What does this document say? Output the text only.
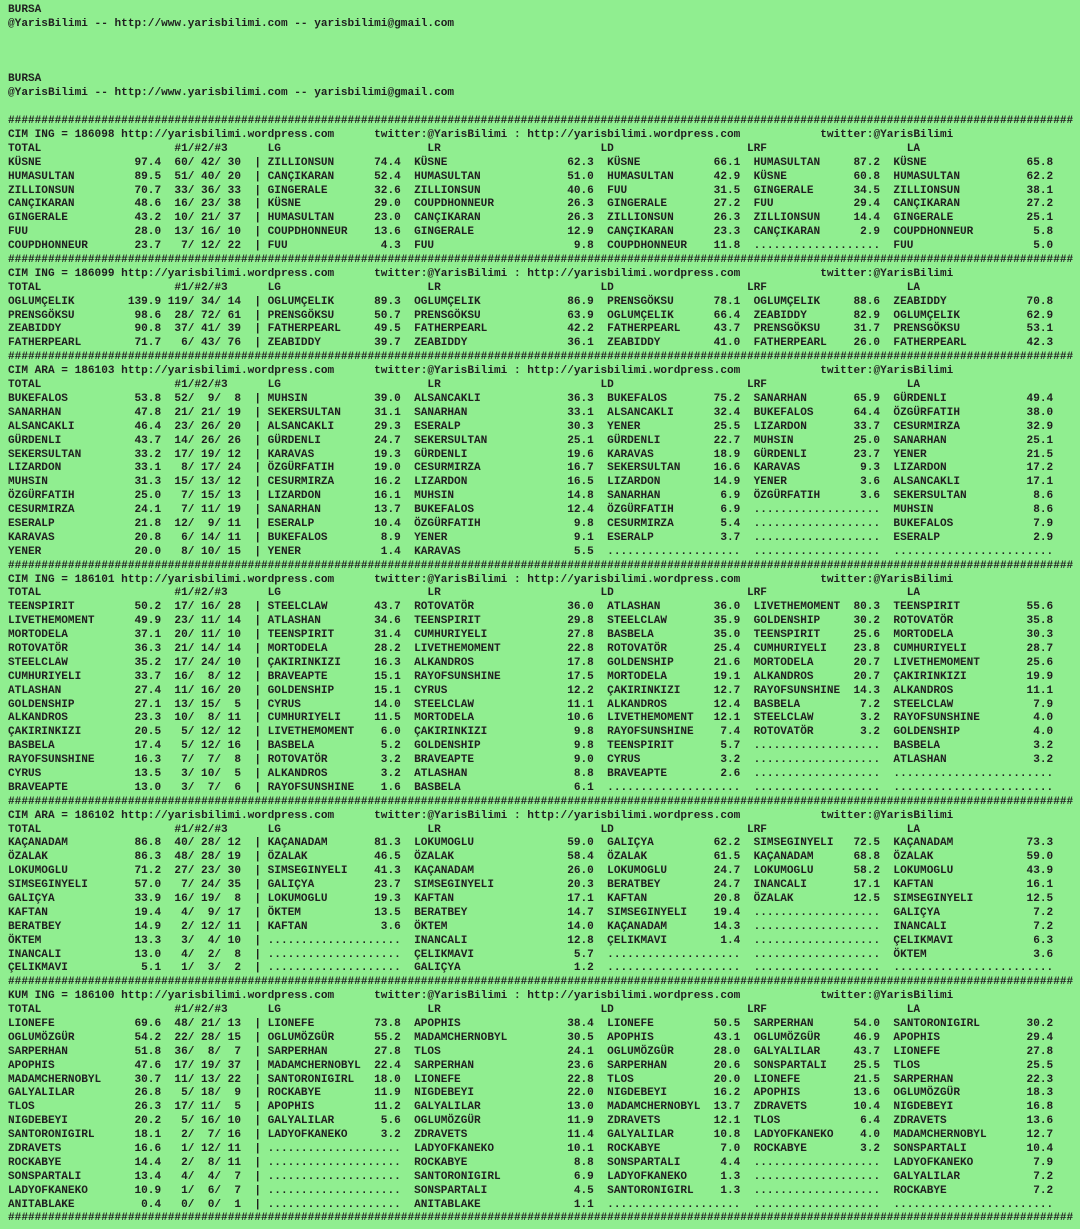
BURSA
@YarisBilimi -- http://www.yarisbilimi.com -- yarisbilimi@gmail.com
BURSA
@YarisBilimi -- http://www.yarisbilimi.com -- yarisbilimi@gmail.com
################################################################################################################################################################
CIM ING = 186098 http://yarisbilimi.wordpress.com	twitter:@YarisBilimi : http://yarisbilimi.wordpress.com	twitter:@YarisBilimi
TOTAL	#1/#2/#3	LG	LR	LD	LRF	LA
KÜSNE	97.4 60/ 42/ 30 | ZILLIONSUN	74.4 KÜSNE	62.3 KÜSNE	66.1 HUMASULTAN	87.2 KÜSNE	65.8
HUMASULTAN	89.5 51/ 40/ 20 | CANÇIKARAN	52.4 HUMASULTAN	51.0 HUMASULTAN	42.9 KÜSNE	60.8 HUMASULTAN	62.2
ZILLIONSUN	70.7 33/ 36/ 33 | GINGERALE	32.6 ZILLIONSUN	40.6 FUU	31.5 GINGERALE	34.5 ZILLIONSUN	38.1
CANÇIKARAN	48.6 16/ 23/ 38 | KÜSNE	29.0 COUPDHONNEUR	26.3 GINGERALE	27.2 FUU	29.4 CANÇIKARAN	27.2
GINGERALE	43.2 10/ 21/ 37 | HUMASULTAN	23.0 CANÇIKARAN	26.3 ZILLIONSUN	26.3 ZILLIONSUN	14.4 GINGERALE	25.1
FUU	28.0 13/ 16/ 10 | COUPDHONNEUR	13.6 GINGERALE	12.9 CANÇIKARAN	23.3 CANÇIKARAN	2.9 COUPDHONNEUR	5.8
COUPDHONNEUR	23.7 7/ 12/ 22 | FUU	4.3 FUU	9.8 COUPDHONNEUR	11.8 ................... FUU	5.0
################################################################################################################################################################
CIM ING = 186099 http://yarisbilimi.wordpress.com	twitter:@YarisBilimi : http://yarisbilimi.wordpress.com	twitter:@YarisBilimi
TOTAL	#1/#2/#3	LG	LR	LD	LRF	LA
OGLUMÇELIK	139.9 119/ 34/ 14 | OGLUMÇELIK	89.3 OGLUMÇELIK	86.9 PRENSGÖKSU	78.1 OGLUMÇELIK	88.6 ZEABIDDY	70.8
PRENSGÖKSU	98.6 28/ 72/ 61 | PRENSGÖKSU	50.7 PRENSGÖKSU	63.9 OGLUMÇELIK	66.4 ZEABIDDY	82.9 OGLUMÇELIK	62.9
ZEABIDDY	90.8 37/ 41/ 39 | FATHERPEARL	49.5 FATHERPEARL	42.2 FATHERPEARL	43.7 PRENSGÖKSU	31.7 PRENSGÖKSU	53.1
FATHERPEARL	71.7 6/ 43/ 76 | ZEABIDDY	39.7 ZEABIDDY	36.1 ZEABIDDY	41.0 FATHERPEARL	26.0 FATHERPEARL	42.3
################################################################################################################################################################
CIM ARA = 186103 http://yarisbilimi.wordpress.com	twitter:@YarisBilimi : http://yarisbilimi.wordpress.com	twitter:@YarisBilimi
TOTAL	#1/#2/#3	LG	LR	LD	LRF	LA
BUKEFALOS	53.8 52/  9/  8 | MUHSIN	39.0 ALSANCAKLI	36.3 BUKEFALOS	75.2 SANARHAN	65.9 GÜRDENLI	49.4
SANARHAN	47.8 21/ 21/ 19 | SEKERSULTAN	31.1 SANARHAN	33.1 ALSANCAKLI	32.4 BUKEFALOS	64.4 ÖZGÜRFATIH	38.0
ALSANCAKLI	46.4 23/ 26/ 20 | ALSANCAKLI	29.3 ESERALP	30.3 YENER	25.5 LIZARDON	33.7 CESURMIRZA	32.9
GÜRDENLI	43.7 14/ 26/ 26 | GÜRDENLI	24.7 SEKERSULTAN	25.1 GÜRDENLI	22.7 MUHSIN	25.0 SANARHAN	25.1
SEKERSULTAN	33.2 17/ 19/ 12 | KARAVAS	19.3 GÜRDENLI	19.6 KARAVAS	18.9 GÜRDENLI	23.7 YENER	21.5
LIZARDON	33.1 8/ 17/ 24 | ÖZGÜRFATIH	19.0 CESURMIRZA	16.7 SEKERSULTAN	16.6 KARAVAS	9.3 LIZARDON	17.2
MUHSIN	31.3 15/ 13/ 12 | CESURMIRZA	16.2 LIZARDON	16.5 LIZARDON	14.9 YENER	3.6 ALSANCAKLI	17.1
ÖZGÜRFATIH	25.0 7/ 15/ 13 | LIZARDON	16.1 MUHSIN	14.8 SANARHAN	6.9 ÖZGÜRFATIH	3.6 SEKERSULTAN	8.6
CESURMIRZA	24.1 7/ 11/ 19 | SANARHAN	13.7 BUKEFALOS	12.4 ÖZGÜRFATIH	6.9 ................... MUHSIN	8.6
ESERALP	21.8 12/  9/ 11 | ESERALP	10.4 ÖZGÜRFATIH	9.8 CESURMIRZA	5.4 ................... BUKEFALOS	7.9
KARAVAS	20.8 6/ 14/ 11 | BUKEFALOS	8.9 YENER	9.1 ESERALP	3.7 ................... ESERALP	2.9
YENER	20.0 8/ 10/ 15 | YENER	1.4 KARAVAS	5.5 .................... ................... ........................
################################################################################################################################################################
CIM ING = 186101 http://yarisbilimi.wordpress.com	twitter:@YarisBilimi : http://yarisbilimi.wordpress.com	twitter:@YarisBilimi
TOTAL	#1/#2/#3	LG	LR	LD	LRF	LA
TEENSPIRIT	50.2 17/ 16/ 28 | STEELCLAW	43.7 ROTOVATÖR	36.0 ATLASHAN	36.0 LIVETHEMOMENT	80.3 TEENSPIRIT	55.6
LIVETHEMOMENT	49.9 23/ 11/ 14 | ATLASHAN	34.6 TEENSPIRIT	29.8 STEELCLAW	35.9 GOLDENSHIP	30.2 ROTOVATÖR	35.8
MORTODELA	37.1 20/ 11/ 10 | TEENSPIRIT	31.4 CUMHURIYELI	27.8 BASBELA	35.0 TEENSPIRIT	25.6 MORTODELA	30.3
ROTOVATÖR	36.3 21/ 14/ 14 | MORTODELA	28.2 LIVETHEMOMENT	22.8 ROTOVATÖR	25.4 CUMHURIYELI	23.8 CUMHURIYELI	28.7
STEELCLAW	35.2 17/ 24/ 10 | ÇAKIRINKIZI	16.3 ALKANDROS	17.8 GOLDENSHIP	21.6 MORTODELA	20.7 LIVETHEMOMENT	25.6
CUMHURIYELI	33.7 16/  8/ 12 | BRAVEAPTE	15.1 RAYOFSUNSHINE	17.5 MORTODELA	19.1 ALKANDROS	20.7 ÇAKIRINKIZI	19.9
ATLASHAN	27.4 11/ 16/ 20 | GOLDENSHIP	15.1 CYRUS	12.2 ÇAKIRINKIZI	12.7 RAYOFSUNSHINE	14.3 ALKANDROS	11.1
GOLDENSHIP	27.1 13/ 15/  5 | CYRUS	14.0 STEELCLAW	11.1 ALKANDROS	12.4 BASBELA	7.2 STEELCLAW	7.9
ALKANDROS	23.3 10/  8/ 11 | CUMHURIYELI	11.5 MORTODELA	10.6 LIVETHEMOMENT	12.1 STEELCLAW	3.2 RAYOFSUNSHINE	4.0
ÇAKIRINKIZI	20.5 5/ 12/ 12 | LIVETHEMOMENT	6.0 ÇAKIRINKIZI	9.8 RAYOFSUNSHINE	7.4 ROTOVATÖR	3.2 GOLDENSHIP	4.0
BASBELA	17.4 5/ 12/ 16 | BASBELA	5.2 GOLDENSHIP	9.8 TEENSPIRIT	5.7 ................... BASBELA	3.2
RAYOFSUNSHINE	16.3 7/  7/  8 | ROTOVATÖR	3.2 BRAVEAPTE	9.0 CYRUS	3.2 ................... ATLASHAN	3.2
CYRUS	13.5 3/ 10/  5 | ALKANDROS	3.2 ATLASHAN	8.8 BRAVEAPTE	2.6 ................... ........................
BRAVEAPTE	13.0 3/  7/  6 | RAYOFSUNSHINE	1.6 BASBELA	6.1 .................... ................... ........................
################################################################################################################################################################
CIM ARA = 186102 http://yarisbilimi.wordpress.com	twitter:@YarisBilimi : http://yarisbilimi.wordpress.com	twitter:@YarisBilimi
TOTAL	#1/#2/#3	LG	LR	LD	LRF	LA
KAÇANADAM	86.8 40/ 28/ 12 | KAÇANADAM	81.3 LOKUMOGLU	59.0 GALIÇYA	62.2 SIMSEGINYELI	72.5 KAÇANADAM	73.3
ÖZALAK	86.3 48/ 28/ 19 | ÖZALAK	46.5 ÖZALAK	58.4 ÖZALAK	61.5 KAÇANADAM	68.8 ÖZALAK	59.0
LOKUMOGLU	71.2 27/ 23/ 30 | SIMSEGINYELI	41.3 KAÇANADAM	26.0 LOKUMOGLU	24.7 LOKUMOGLU	58.2 LOKUMOGLU	43.9
SIMSEGINYELI	57.0 7/ 24/ 35 | GALIÇYA	23.7 SIMSEGINYELI	20.3 BERATBEY	24.7 INANCALI	17.1 KAFTAN	16.1
GALIÇYA	33.9 16/ 19/  8 | LOKUMOGLU	19.3 KAFTAN	17.1 KAFTAN	20.8 ÖZALAK	12.5 SIMSEGINYELI	12.5
KAFTAN	19.4 4/  9/ 17 | ÖKTEM	13.5 BERATBEY	14.7 SIMSEGINYELI	19.4 ................... GALIÇYA	7.2
BERATBEY	14.9 2/ 12/ 11 | KAFTAN	3.6 ÖKTEM	14.0 KAÇANADAM	14.3 ................... INANCALI	7.2
ÖKTEM	13.3 3/  4/ 10 | .................... INANCALI	12.8 ÇELIKMAVI	1.4 ................... ÇELIKMAVI	6.3
INANCALI	13.0 4/  2/  8 | .................... ÇELIKMAVI	5.7 .................... ................... ÖKTEM	3.6
ÇELIKMAVI	5.1 1/  3/  2 | .................... GALIÇYA	1.2 .................... ................... ........................
################################################################################################################################################################
KUM ING = 186100 http://yarisbilimi.wordpress.com	twitter:@YarisBilimi : http://yarisbilimi.wordpress.com	twitter:@YarisBilimi
TOTAL	#1/#2/#3	LG	LR	LD	LRF	LA
LIONEFE	69.6 48/ 21/ 13 | LIONEFE	73.8 APOPHIS	38.4 LIONEFE	50.5 SARPERHAN	54.0 SANTORONIGIRL	30.2
OGLUMÖZGÜR	54.2 22/ 28/ 15 | OGLUMÖZGÜR	55.2 MADAMCHERNOBYL	30.5 APOPHIS	43.1 OGLUMÖZGÜR	46.9 APOPHIS	29.4
SARPERHAN	51.8 36/  8/  7 | SARPERHAN	27.8 TLOS	24.1 OGLUMÖZGÜR	28.0 GALYALILAR	43.7 LIONEFE	27.8
APOPHIS	47.6 17/ 19/ 37 | MADAMCHERNOBYL	22.4 SARPERHAN	23.6 SARPERHAN	20.6 SONSPARTALI	25.5 TLOS	25.5
MADAMCHERNOBYL	30.7 11/ 13/ 22 | SANTORONIGIRL	18.0 LIONEFE	22.8 TLOS	20.0 LIONEFE	21.5 SARPERHAN	22.3
GALYALILAR	26.8 5/ 18/  9 | ROCKABYE	11.9 NIGDEBEYI	22.0 NIGDEBEYI	16.2 APOPHIS	13.6 OGLUMÖZGÜR	18.3
TLOS	26.3 17/ 11/  5 | APOPHIS	11.2 GALYALILAR	13.0 MADAMCHERNOBYL	13.7 ZDRAVETS	10.4 NIGDEBEYI	16.8
NIGDEBEYI	20.2 5/ 16/ 10 | GALYALILAR	5.6 OGLUMÖZGÜR	11.9 ZDRAVETS	12.1 TLOS	6.4 ZDRAVETS	13.6
SANTORONIGIRL	18.1 2/  7/ 16 | LADYOFKANEKO	3.2 ZDRAVETS	11.4 GALYALILAR	10.8 LADYOFKANEKO	4.0 MADAMCHERNOBYL	12.7
ZDRAVETS	16.6 1/ 12/ 11 | .................... LADYOFKANEKO	10.1 ROCKABYE	7.0 ROCKABYE	3.2 SONSPARTALI	10.4
ROCKABYE	14.4 2/  8/ 11 | .................... ROCKABYE	8.8 SONSPARTALI	4.4 ................... LADYOFKANEKO	7.9
SONSPARTALI	13.4 4/  4/  7 | .................... SANTORONIGIRL	6.9 LADYOFKANEKO	1.3 ................... GALYALILAR	7.2
LADYOFKANEKO	10.9 1/  6/  7 | .................... SONSPARTALI	4.5 SANTORONIGIRL	1.3 ................... ROCKABYE	7.2
ANITABLAKE	0.4 0/  0/  1 | .................... ANITABLAKE	1.1 .................... ................... ........................
################################################################################################################################################################
